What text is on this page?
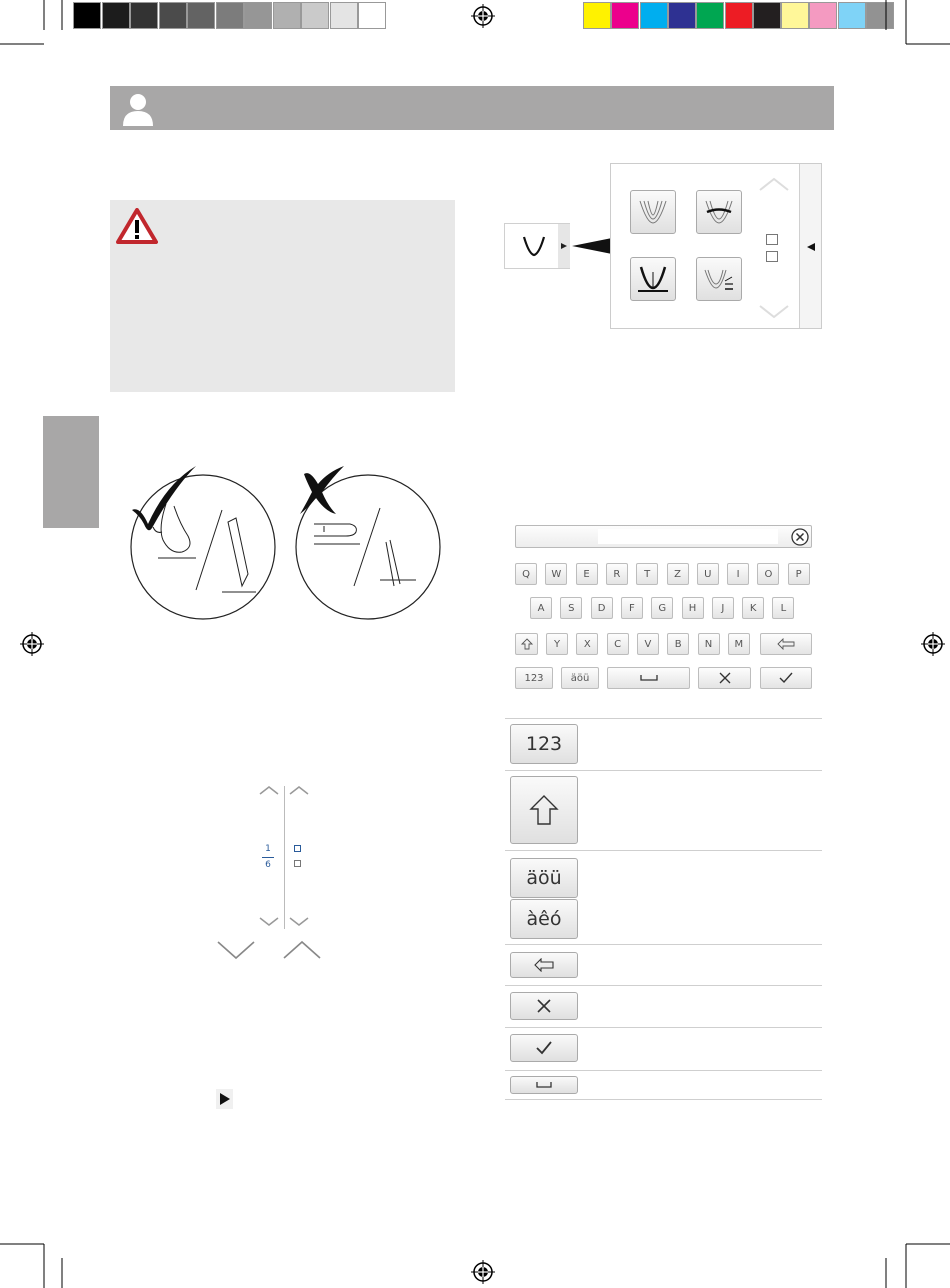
Q	W	E	R	T	Z	U	I	O	P
A	S	D	F	G	H	J	K	L
Y	X	C	V	B	N	M
123	äöü
123
äöü
àêó
1
6
